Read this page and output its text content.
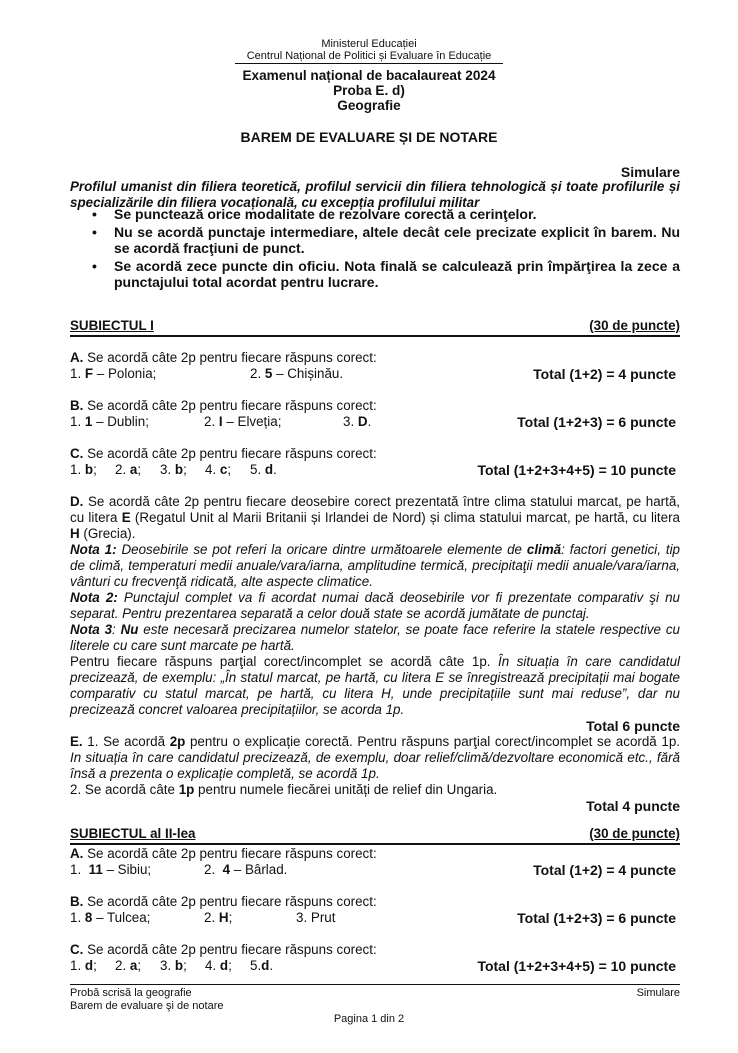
Ministerul Educației
Centrul Național de Politici și Evaluare în Educație
Examenul național de bacalaureat 2024
Proba E. d)
Geografie
BAREM DE EVALUARE ȘI DE NOTARE
Simulare
Profilul umanist din filiera teoretică, profilul servicii din filiera tehnologică și toate profilurile și specializările din filiera vocațională, cu excepția profilului militar
• Se punctează orice modalitate de rezolvare corectă a cerinţelor.
• Nu se acordă punctaje intermediare, altele decât cele precizate explicit în barem. Nu se acordă fracţiuni de punct.
• Se acordă zece puncte din oficiu. Nota finală se calculează prin împărţirea la zece a punctajului total acordat pentru lucrare.
SUBIECTUL I	(30 de puncte)
A. Se acordă câte 2p pentru fiecare răspuns corect:
1. F – Polonia;	2. 5 – Chișinău.	Total (1+2) = 4 puncte
B. Se acordă câte 2p pentru fiecare răspuns corect:
1. 1 – Dublin;	2. I – Elveția;	3. D.	Total (1+2+3) = 6 puncte
C. Se acordă câte 2p pentru fiecare răspuns corect:
1. b; 2. a; 3. b; 4. c; 5. d.	Total (1+2+3+4+5) = 10 puncte
D. Se acordă câte 2p pentru fiecare deosebire corect prezentată între clima statului marcat, pe hartă, cu litera E (Regatul Unit al Marii Britanii și Irlandei de Nord) și clima statului marcat, pe hartă, cu litera H (Grecia).
Nota 1: Deosebirile se pot referi la oricare dintre următoarele elemente de climă: factori genetici, tip de climă, temperaturi medii anuale/vara/iarna, amplitudine termică, precipitaţii medii anuale/vara/iarna, vânturi cu frecvenţă ridicată, alte aspecte climatice.
Nota 2: Punctajul complet va fi acordat numai dacă deosebirile vor fi prezentate comparativ şi nu separat. Pentru prezentarea separată a celor două state se acordă jumătate de punctaj.
Nota 3: Nu este necesară precizarea numelor statelor, se poate face referire la statele respective cu literele cu care sunt marcate pe hartă.
Pentru fiecare răspuns parţial corect/incomplet se acordă câte 1p. În situația în care candidatul precizează, de exemplu: „În statul marcat, pe hartă, cu litera E se înregistrează precipitații mai bogate comparativ cu statul marcat, pe hartă, cu litera H, unde precipitațiile sunt mai reduse”, dar nu precizează concret valoarea precipitațiilor, se acorda 1p.
Total 6 puncte
E. 1. Se acordă 2p pentru o explicație corectă. Pentru răspuns parţial corect/incomplet se acordă 1p. In situația în care candidatul precizează, de exemplu, doar relief/climă/dezvoltare economică etc., fără însă a prezenta o explicație completă, se acordă 1p.
2. Se acordă câte 1p pentru numele fiecărei unități de relief din Ungaria.
Total 4 puncte
SUBIECTUL al II-lea	(30 de puncte)
A. Se acordă câte 2p pentru fiecare răspuns corect:
1.  11 – Sibiu;	2.  4 – Bârlad.	Total (1+2) = 4 puncte
B. Se acordă câte 2p pentru fiecare răspuns corect:
1. 8 – Tulcea;	2. H;	3. Prut	Total (1+2+3) = 6 puncte
C. Se acordă câte 2p pentru fiecare răspuns corect:
1. d; 2. a; 3. b; 4. d; 5.d.	Total (1+2+3+4+5) = 10 puncte
Probă scrisă la geografie
Barem de evaluare şi de notare
Simulare
Pagina 1 din 2
